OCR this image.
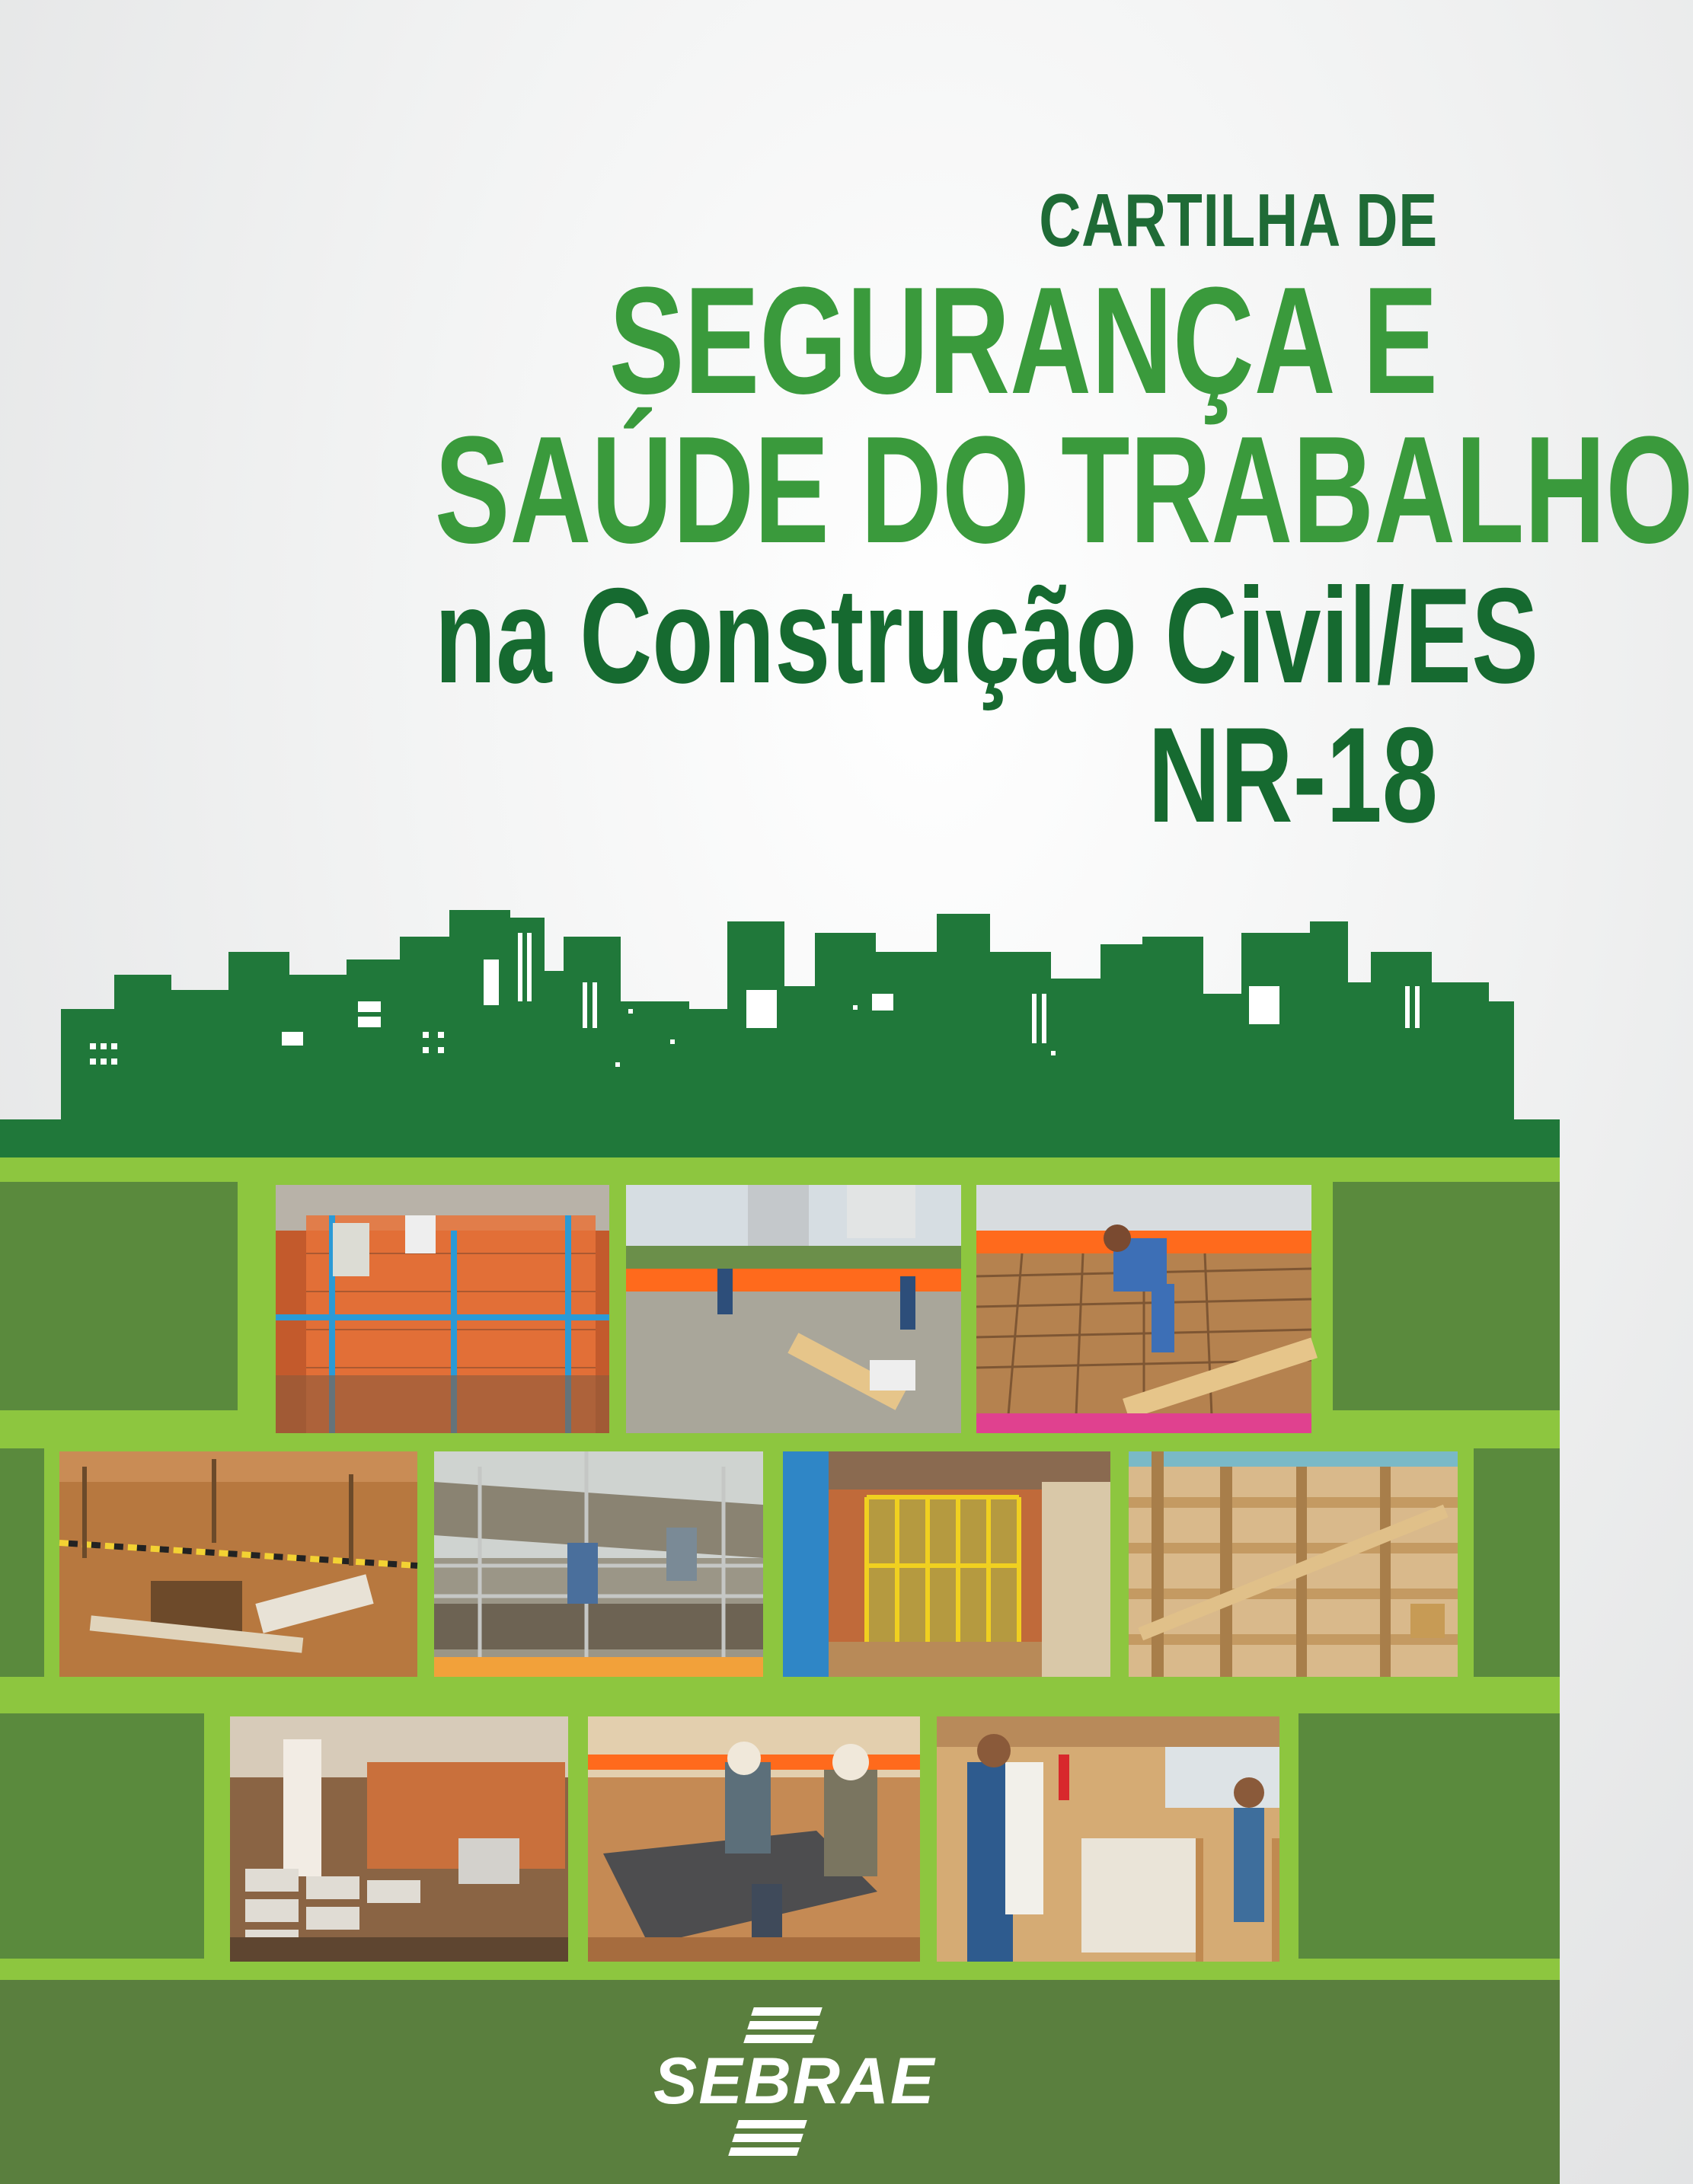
CARTILHA DE
SEGURANÇA E
SAÚDE DO TRABALHO
na Construção Civil/ES
NR-18
SEBRAE
